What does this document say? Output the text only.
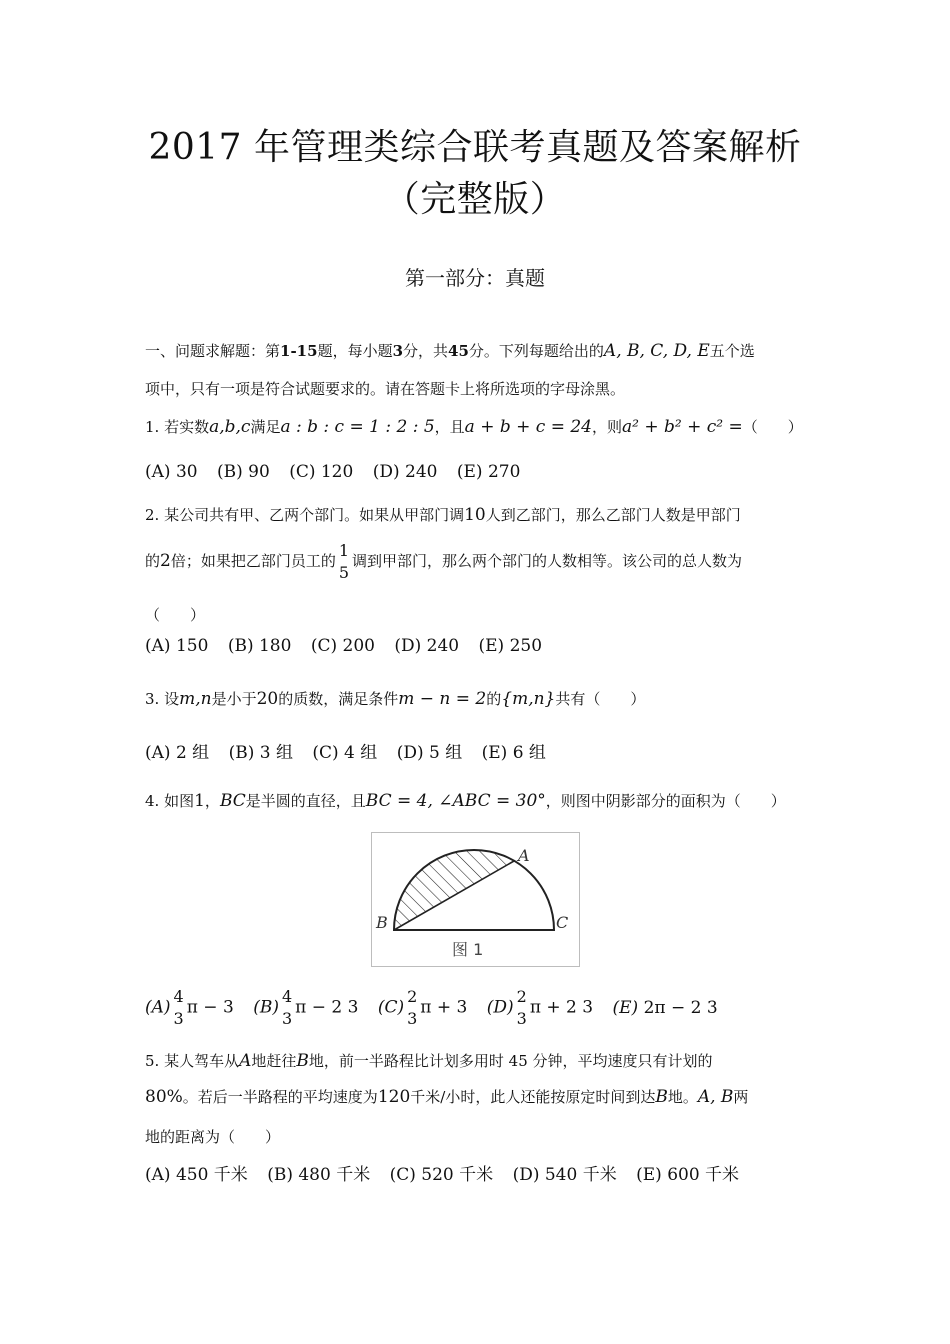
2017 年管理类综合联考真题及答案解析（完整版）
第一部分：真题
一、问题求解题：第1-15题，每小题3分，共45分。下列每题给出的A, B, C, D, E五个选
项中，只有一项是符合试题要求的。请在答题卡上将所选项的字母涂黑。
1. 若实数a,b,c满足a : b : c = 1 : 2 : 5，且a + b + c = 24，则a² + b² + c² =（　　）
(A) 30 (B) 90 (C) 120 (D) 240 (E) 270
2. 某公司共有甲、乙两个部门。如果从甲部门调10人到乙部门，那么乙部门人数是甲部门
的2倍；如果把乙部门员工的
1
5
调到甲部门，那么两个部门的人数相等。该公司的总人数为
（　　）
(A) 150 (B) 180 (C) 200 (D) 240 (E) 250
3. 设m,n是小于20的质数，满足条件m − n = 2的{m,n}共有（　　）
(A) 2 组 (B) 3 组 (C) 4 组 (D) 5 组 (E) 6 组
4. 如图1，BC是半圆的直径，且BC = 4, ∠ABC = 30°，则图中阴影部分的面积为（　　）
A
B	C
图 1
(A)
4
3
π − 3 (B)
4
3
π − 2 3 (C)
2
3
π + 3 (D)
2
3
π + 2 3 (E) 2π − 2 3
5. 某人驾车从A地赶往B地，前一半路程比计划多用时 45 分钟，平均速度只有计划的
80%。若后一半路程的平均速度为120千米/小时，此人还能按原定时间到达B地。A, B两
地的距离为（　　）
(A) 450 千米 (B) 480 千米 (C) 520 千米 (D) 540 千米 (E) 600 千米
